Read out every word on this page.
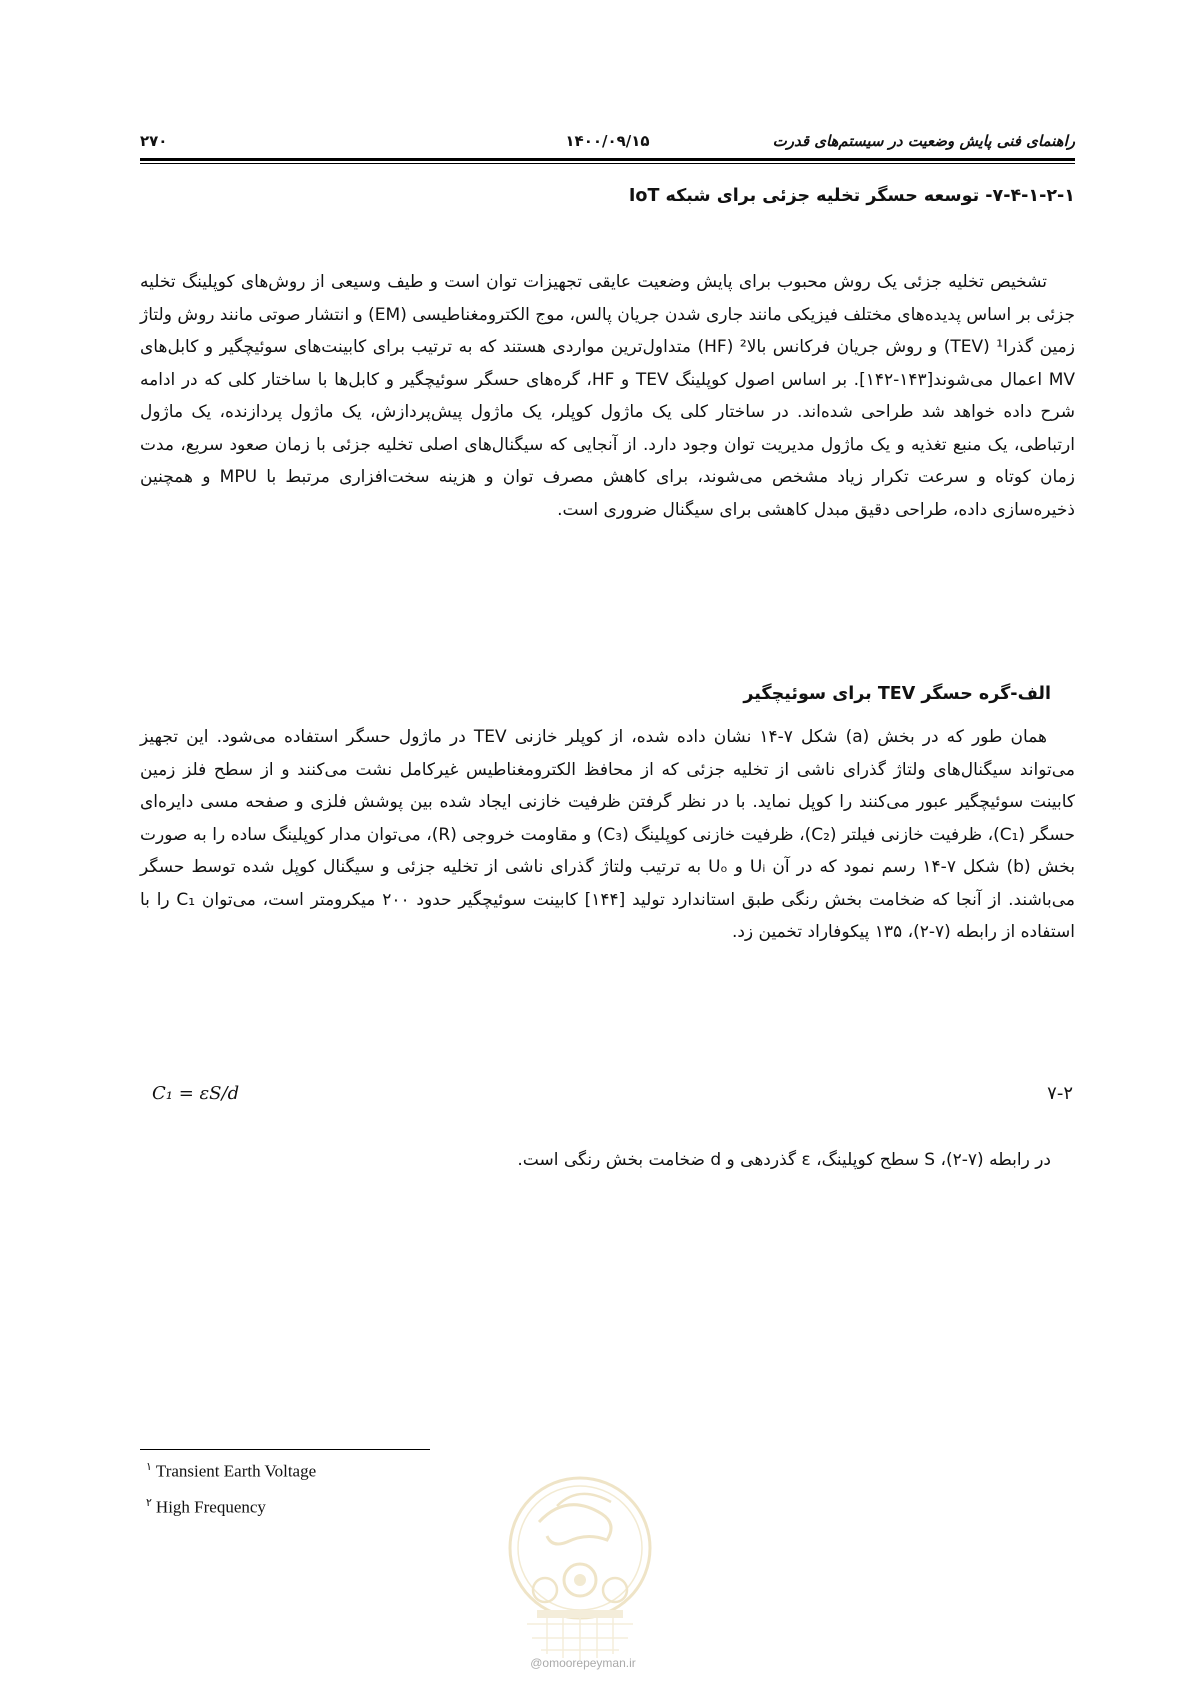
راهنمای فنی پایش وضعیت در سیستم‌های قدرت
۱۴۰۰/۰۹/۱۵
۲۷۰
۷-۴-۱-۲-۱- توسعه حسگر تخلیه جزئی برای شبکه IoT

تشخیص تخلیه جزئی یک روش محبوب برای پایش وضعیت عایقی تجهیزات توان است و طیف وسیعی از روش‌های کوپلینگ تخلیه جزئی بر اساس پدیده‌های مختلف فیزیکی مانند جاری شدن جریان پالس، موج الکترومغناطیسی (EM) و انتشار صوتی مانند روش ولتاژ زمین گذرا¹ (TEV) و روش جریان فرکانس بالا² (HF) متداول‌ترین مواردی هستند که به ترتیب برای کابینت‌های سوئیچگیر و کابل‌های MV اعمال می‌شوند[۱۴۳-۱۴۲]. بر اساس اصول کوپلینگ TEV و HF، گره‌های حسگر سوئیچگیر و کابل‌ها با ساختار کلی که در ادامه شرح داده خواهد شد طراحی شده‌اند. در ساختار کلی یک ماژول کوپلر، یک ماژول پیش‌پردازش، یک ماژول پردازنده، یک ماژول ارتباطی، یک منبع تغذیه و یک ماژول مدیریت توان وجود دارد. از آنجایی که سیگنال‌های اصلی تخلیه جزئی با زمان صعود سریع، مدت زمان کوتاه و سرعت تکرار زیاد مشخص می‌شوند، برای کاهش مصرف توان و هزینه سخت‌افزاری مرتبط با MPU و همچنین ذخیره‌سازی داده، طراحی دقیق مبدل کاهشی برای سیگنال ضروری است.

الف-گره حسگر TEV برای سوئیچگیر

همان طور که در بخش (a) شکل ۷-۱۴ نشان داده شده، از کوپلر خازنی TEV در ماژول حسگر استفاده می‌شود. این تجهیز می‌تواند سیگنال‌های ولتاژ گذرای ناشی از تخلیه جزئی که از محافظ الکترومغناطیس غیرکامل نشت می‌کنند و از سطح فلز زمین کابینت سوئیچگیر عبور می‌کنند را کوپل نماید. با در نظر گرفتن ظرفیت خازنی ایجاد شده بین پوشش فلزی و صفحه مسی دایره‌ای حسگر (C₁)، ظرفیت خازنی فیلتر (C₂)، ظرفیت خازنی کوپلینگ (C₃) و مقاومت خروجی (R)، می‌توان مدار کوپلینگ ساده را به صورت بخش (b) شکل ۷-۱۴ رسم نمود که در آن Uᵢ و Uₒ به ترتیب ولتاژ گذرای ناشی از تخلیه جزئی و سیگنال کوپل شده توسط حسگر می‌باشند. از آنجا که ضخامت بخش رنگی طبق استاندارد تولید [۱۴۴] کابینت سوئیچگیر حدود ۲۰۰ میکرومتر است، می‌توان C₁ را با استفاده از رابطه (۷-۲)، ۱۳۵ پیکوفاراد تخمین زد.

C₁ = εS/d	۷-۲
در رابطه (۷-۲)، S سطح کوپلینگ، ε گذردهی و d ضخامت بخش رنگی است.
$^۱$ Transient Earth Voltage
$^۲$ High Frequency
@omoorepeyman.ir
